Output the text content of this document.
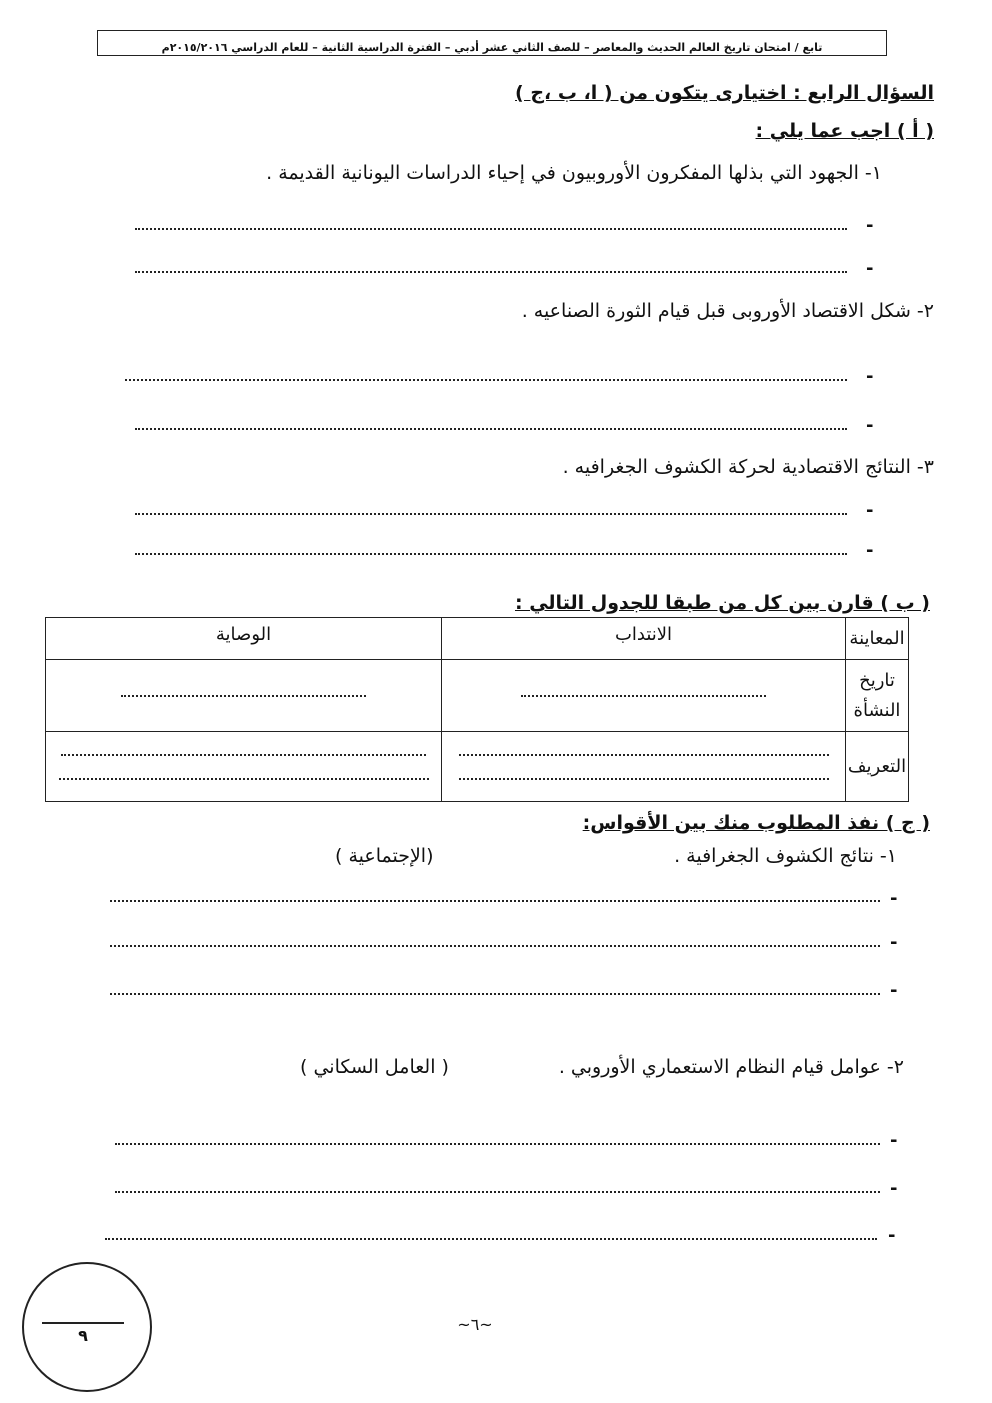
تابع / امتحان تاريخ العالم الحديث والمعاصر – للصف الثاني عشر أدبي – الفترة الدراسية الثانية – للعام الدراسي ٢٠١٥/٢٠١٦م
السؤال الرابع : اختيارى يتكون من ( ا، ب ،ج )
( أ ) اجب عما يلي :
١- الجهود التي بذلها المفكرون الأوروبيون في إحياء الدراسات اليونانية القديمة .
-
-
٢- شكل الاقتصاد الأوروبى قبل قيام الثورة الصناعيه .
-
-
٣- النتائج الاقتصادية لحركة الكشوف الجغرافيه .
-
-
( ب ) قارن بين كل من طبقا للجدول التالي :
المعاينة	الانتداب	الوصاية
تاريخ النشأة	

التعريف	

( ج ) نفذ المطلوب منك بين الأقواس:
١- نتائج الكشوف الجغرافية .
(الإجتماعية )
-
-
-
٢- عوامل قيام النظام الاستعماري الأوروبي .
( العامل السكاني )
-
-
-
٩
~٦~
